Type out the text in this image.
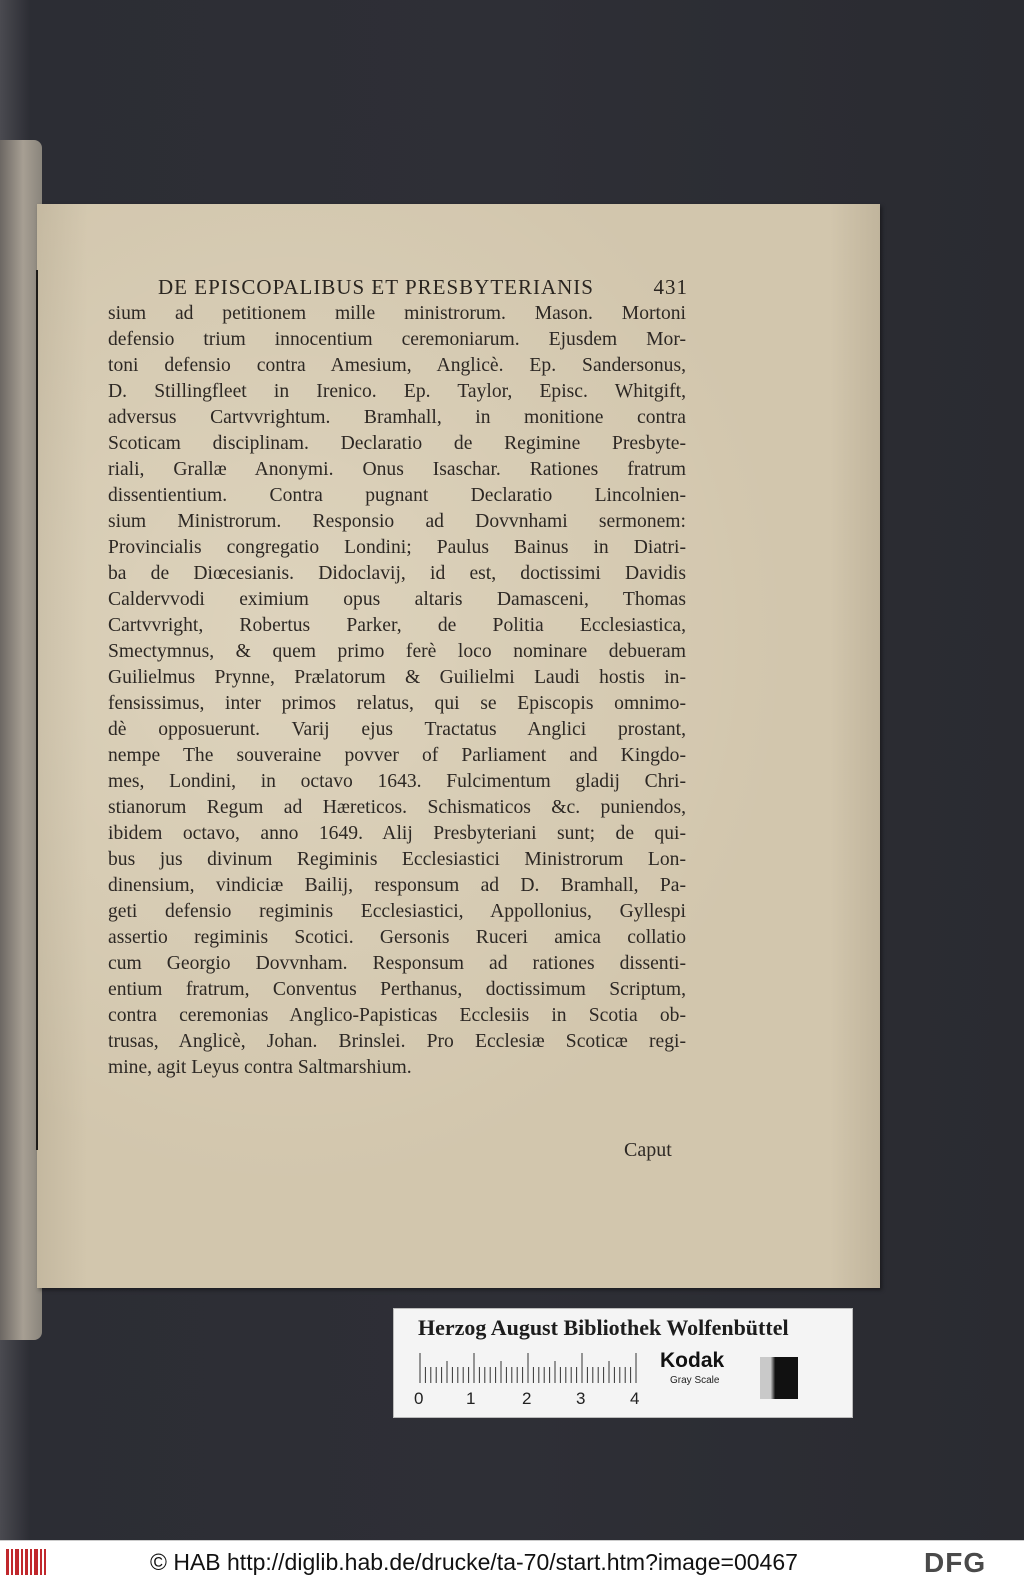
DE EPISCOPALIBUS ET PRESBYTERIANIS	431
sium ad petitionem mille ministrorum. Mason. Mortoni
defensio trium innocentium ceremoniarum. Ejusdem Mor-
toni defensio contra Amesium, Anglicè. Ep. Sandersonus,
D. Stillingfleet in Irenico. Ep. Taylor, Episc. Whitgift,
adversus Cartvvrightum. Bramhall, in monitione contra
Scoticam disciplinam. Declaratio de Regimine Presbyte-
riali, Grallæ Anonymi. Onus Isaschar. Rationes fratrum
dissentientium. Contra pugnant Declaratio Lincolnien-
sium Ministrorum. Responsio ad Dovvnhami sermonem:
Provincialis congregatio Londini; Paulus Bainus in Diatri-
ba de Diœcesianis. Didoclavij, id est, doctissimi Davidis
Caldervvodi eximium opus altaris Damasceni, Thomas
Cartvvright, Robertus Parker, de Politia Ecclesiastica,
Smectymnus, & quem primo ferè loco nominare debueram
Guilielmus Prynne, Prælatorum & Guilielmi Laudi hostis in-
fensissimus, inter primos relatus, qui se Episcopis omnimo-
dè opposuerunt. Varij ejus Tractatus Anglici prostant,
nempe The souveraine povver of Parliament and Kingdo-
mes, Londini, in octavo 1643. Fulcimentum gladij Chri-
stianorum Regum ad Hæreticos. Schismaticos &c. puniendos,
ibidem octavo, anno 1649. Alij Presbyteriani sunt; de qui-
bus jus divinum Regiminis Ecclesiastici Ministrorum Lon-
dinensium, vindiciæ Bailij, responsum ad D. Bramhall, Pa-
geti defensio regiminis Ecclesiastici, Appollonius, Gyllespi
assertio regiminis Scotici. Gersonis Ruceri amica collatio
cum Georgio Dovvnham. Responsum ad rationes dissenti-
entium fratrum, Conventus Perthanus, doctissimum Scriptum,
contra ceremonias Anglico-Papisticas Ecclesiis in Scotia ob-
trusas, Anglicè, Johan. Brinslei. Pro Ecclesiæ Scoticæ regi-
mine, agit Leyus contra Saltmarshium.
Caput
Herzog August Bibliothek Wolfenbüttel
0	1	2	3	4
Kodak
Gray Scale
© HAB http://diglib.hab.de/drucke/ta-70/start.htm?image=00467	DFG
